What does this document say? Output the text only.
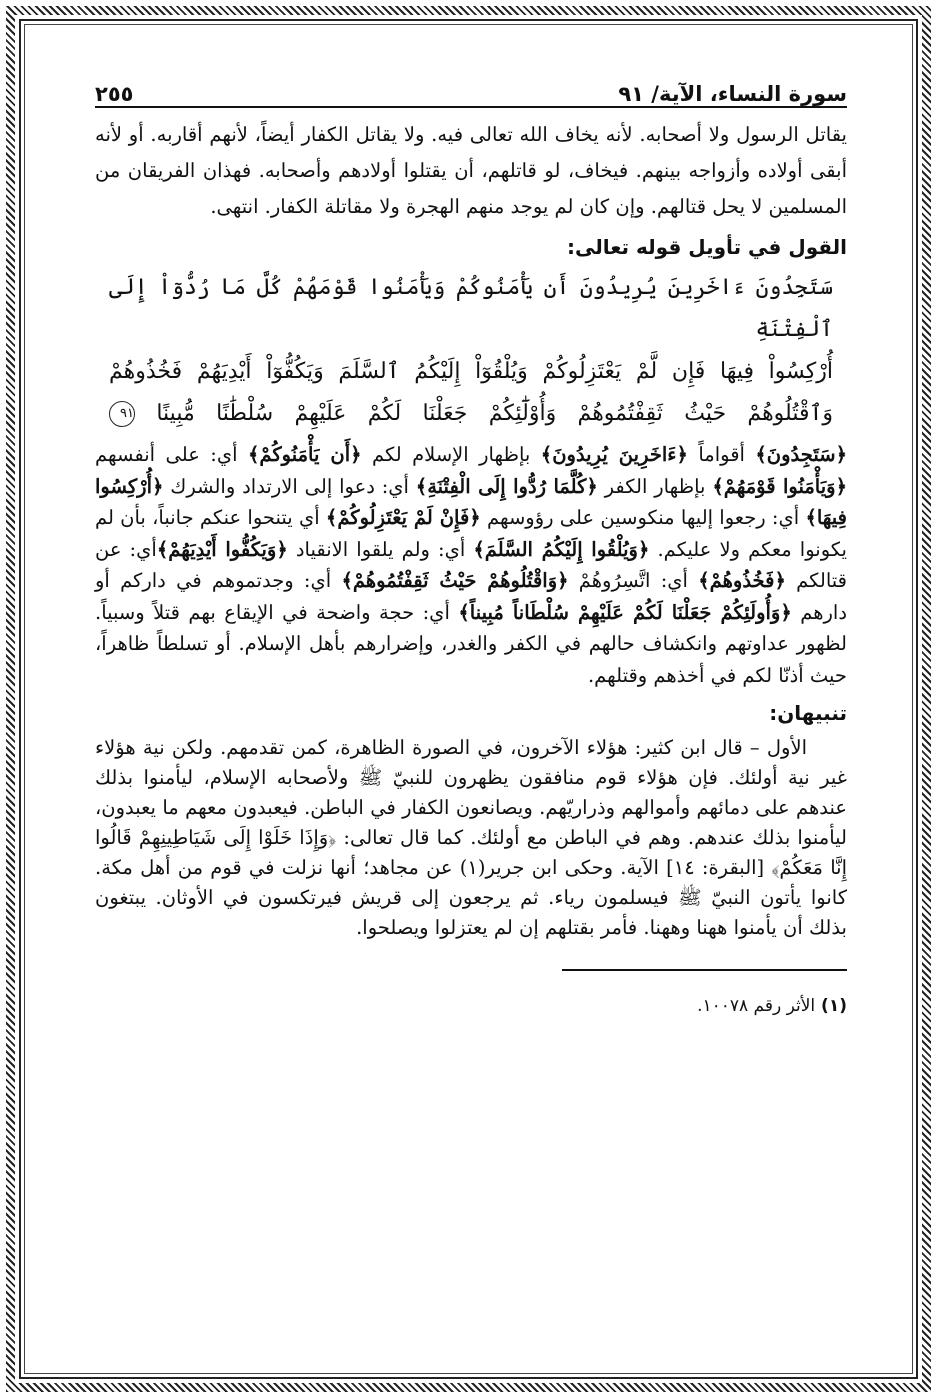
سورة النساء، الآية/ ٩١
٢٥٥

يقاتل الرسول ولا أصحابه. لأنه يخاف الله تعالى فيه. ولا يقاتل الكفار أيضاً، لأنهم أقاربه. أو لأنه أبقى أولاده وأزواجه بينهم. فيخاف، لو قاتلهم، أن يقتلوا أولادهم وأصحابه. فهذان الفريقان من المسلمين لا يحل قتالهم. وإن كان لم يوجد منهم الهجرة ولا مقاتلة الكفار. انتهى.

القول في تأويل قوله تعالى:
سَتَجِدُونَ ءَاخَرِينَ يُرِيدُونَ أَن يَأْمَنُوكُمْ وَيَأْمَنُوا قَوْمَهُمْ كُلَّ مَا رُدُّوٓاْ إِلَى ٱلْفِتْنَةِ
أُرْكِسُواْ فِيهَا فَإِن لَّمْ يَعْتَزِلُوكُمْ وَيُلْقُوٓاْ إِلَيْكُمُ ٱلسَّلَمَ وَيَكُفُّوٓاْ أَيْدِيَهُمْ فَخُذُوهُمْ
وَٱقْتُلُوهُمْ حَيْثُ ثَقِفْتُمُوهُمْ وَأُوْلَٰٓئِكُمْ جَعَلْنَا لَكُمْ عَلَيْهِمْ سُلْطَٰنًا مُّبِينًا ٩١

﴿سَتَجِدُونَ﴾ أقواماً ﴿ءَاخَرِينَ يُرِيدُونَ﴾ بإظهار الإسلام لكم ﴿أَن يَأْمَنُوكُمْ﴾ أي: على أنفسهم ﴿وَيَأْمَنُوا قَوْمَهُمْ﴾ بإظهار الكفر ﴿كُلَّمَا رُدُّوا إِلَى الْفِتْنَةِ﴾ أي: دعوا إلى الارتداد والشرك ﴿أُرْكِسُوا فِيهَا﴾ أي: رجعوا إليها منكوسين على رؤوسهم ﴿فَإِنْ لَمْ يَعْتَزِلُوكُمْ﴾ أي يتنحوا عنكم جانباً، بأن لم يكونوا معكم ولا عليكم. ﴿وَيُلْقُوا إِلَيْكُمُ السَّلَمَ﴾ أي: ولم يلقوا الانقياد ﴿وَيَكُفُّوا أَيْدِيَهُمْ﴾أي: عن قتالكم ﴿فَخُذُوهُمْ﴾ أي: اتَّسِرُوهُمْ ﴿وَاقْتُلُوهُمْ حَيْثُ ثَقِفْتُمُوهُمْ﴾ أي: وجدتموهم في داركم أو دارهم ﴿وَأُولَئِكُمْ جَعَلْنَا لَكُمْ عَلَيْهِمْ سُلْطَاناً مُبِيناً﴾ أي: حجة واضحة في الإيقاع بهم قتلاً وسبياً. لظهور عداوتهم وانكشاف حالهم في الكفر والغدر، وإضرارهم بأهل الإسلام. أو تسلطاً ظاهراً، حيث أذنّا لكم في أخذهم وقتلهم.

تنبيهان:

الأول – قال ابن كثير: هؤلاء الآخرون، في الصورة الظاهرة، كمن تقدمهم. ولكن نية هؤلاء غير نية أولئك. فإن هؤلاء قوم منافقون يظهرون للنبيّ ﷺ ولأصحابه الإسلام، ليأمنوا بذلك عندهم على دمائهم وأموالهم وذراريّهم. ويصانعون الكفار في الباطن. فيعبدون معهم ما يعبدون، ليأمنوا بذلك عندهم. وهم في الباطن مع أولئك. كما قال تعالى: ﴿وَإِذَا خَلَوْا إِلَى شَيَاطِينِهِمْ قَالُوا إِنَّا مَعَكُمْ﴾ [البقرة: ١٤] الآية. وحكى ابن جرير(١) عن مجاهد؛ أنها نزلت في قوم من أهل مكة. كانوا يأتون النبيّ ﷺ فيسلمون رياء. ثم يرجعون إلى قريش فيرتكسون في الأوثان. يبتغون بذلك أن يأمنوا ههنا وههنا. فأمر بقتلهم إن لم يعتزلوا ويصلحوا.

(١) الأثر رقم ١٠٠٧٨.
